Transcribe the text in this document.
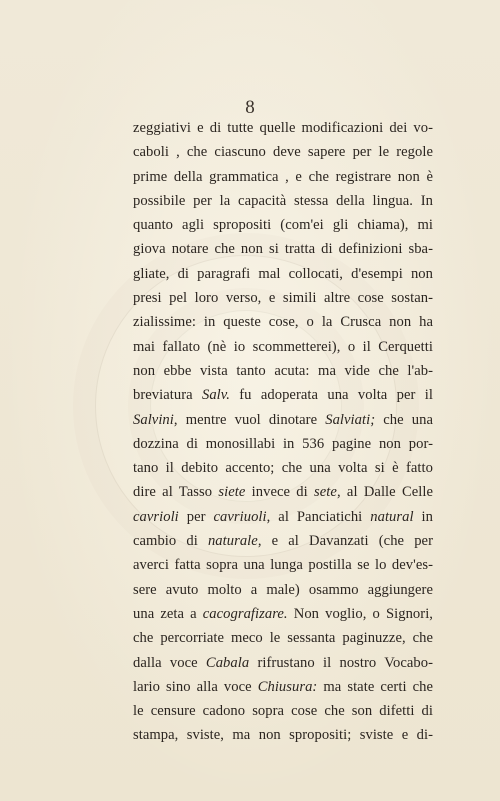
8
zeggiativi e di tutte quelle modificazioni dei vo-
caboli , che ciascuno deve sapere per le regole
prime della grammatica , e che registrare non è
possibile per la capacità stessa della lingua. In
quanto agli spropositi (com'ei gli chiama), mi
giova notare che non si tratta di definizioni sba-
gliate, di paragrafi mal collocati, d'esempi non
presi pel loro verso, e simili altre cose sostan-
zialissime: in queste cose, o la Crusca non ha
mai fallato (nè io scommetterei), o il Cerquetti
non ebbe vista tanto acuta: ma vide che l'ab-
breviatura Salv. fu adoperata una volta per il
Salvini, mentre vuol dinotare Salviati; che una
dozzina di monosillabi in 536 pagine non por-
tano il debito accento; che una volta si è fatto
dire al Tasso siete invece di sete, al Dalle Celle
cavrioli per cavriuoli, al Panciatichi natural in
cambio di naturale, e al Davanzati (che per
averci fatta sopra una lunga postilla se lo dev'es-
sere avuto molto a male) osammo aggiungere
una zeta a cacografizare. Non voglio, o Signori,
che percorriate meco le sessanta paginuzze, che
dalla voce Cabala rifrustano il nostro Vocabo-
lario sino alla voce Chiusura: ma state certi che
le censure cadono sopra cose che son difetti di
stampa, sviste, ma non spropositi; sviste e di-
